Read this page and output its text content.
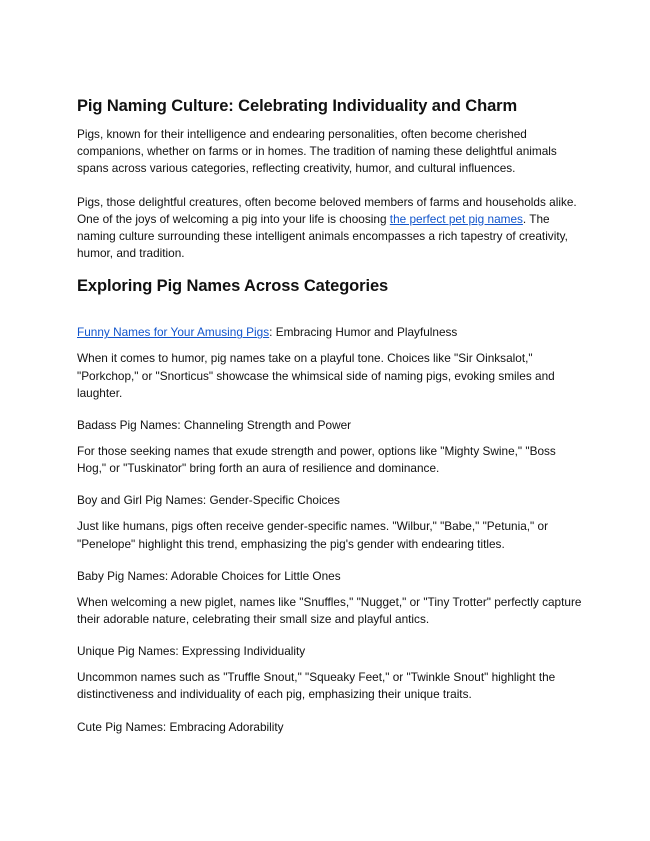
Pig Naming Culture: Celebrating Individuality and Charm

Pigs, known for their intelligence and endearing personalities, often become cherished companions, whether on farms or in homes. The tradition of naming these delightful animals spans across various categories, reflecting creativity, humor, and cultural influences.

Pigs, those delightful creatures, often become beloved members of farms and households alike. One of the joys of welcoming a pig into your life is choosing the perfect pet pig names. The naming culture surrounding these intelligent animals encompasses a rich tapestry of creativity, humor, and tradition.

Exploring Pig Names Across Categories

Funny Names for Your Amusing Pigs: Embracing Humor and Playfulness

When it comes to humor, pig names take on a playful tone. Choices like "Sir Oinksalot," "Porkchop," or "Snorticus" showcase the whimsical side of naming pigs, evoking smiles and laughter.

Badass Pig Names: Channeling Strength and Power

For those seeking names that exude strength and power, options like "Mighty Swine," "Boss Hog," or "Tuskinator" bring forth an aura of resilience and dominance.

Boy and Girl Pig Names: Gender-Specific Choices

Just like humans, pigs often receive gender-specific names. "Wilbur," "Babe," "Petunia," or "Penelope" highlight this trend, emphasizing the pig's gender with endearing titles.

Baby Pig Names: Adorable Choices for Little Ones

When welcoming a new piglet, names like "Snuffles," "Nugget," or "Tiny Trotter" perfectly capture their adorable nature, celebrating their small size and playful antics.

Unique Pig Names: Expressing Individuality

Uncommon names such as "Truffle Snout," "Squeaky Feet," or "Twinkle Snout" highlight the distinctiveness and individuality of each pig, emphasizing their unique traits.

Cute Pig Names: Embracing Adorability
